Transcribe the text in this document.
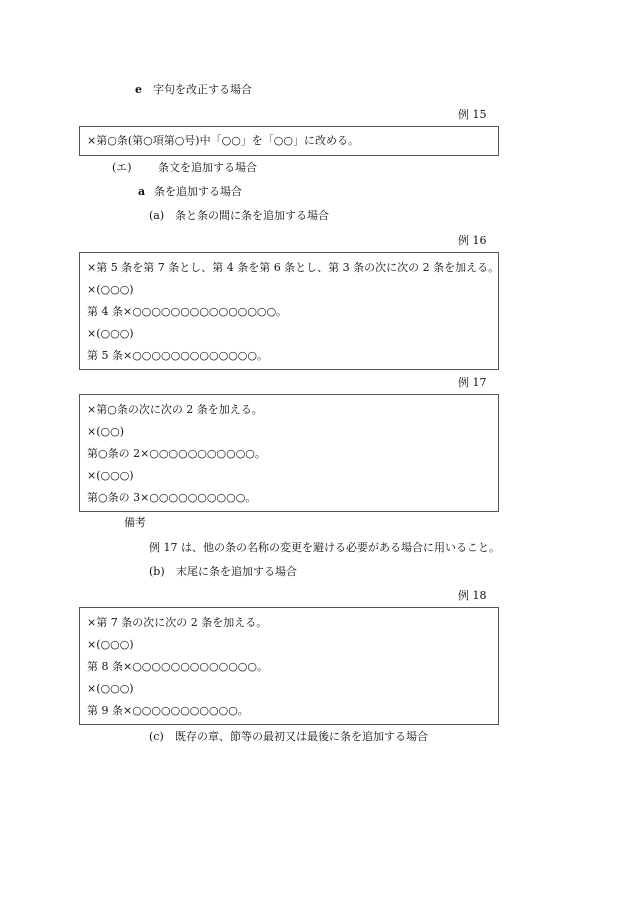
e 字句を改正する場合
例 15
×第○条(第○項第○号)中「○○」を「○○」に改める。
(エ) 条文を追加する場合
a 条を追加する場合
(a) 条と条の間に条を追加する場合
例 16
×第 5 条を第 7 条とし、第 4 条を第 6 条とし、第 3 条の次に次の 2 条を加える。
×(○○○)
第 4 条×○○○○○○○○○○○○○○○。
×(○○○)
第 5 条×○○○○○○○○○○○○○。
例 17
×第○条の次に次の 2 条を加える。
×(○○)
第○条の 2×○○○○○○○○○○○。
×(○○○)
第○条の 3×○○○○○○○○○○。
備考
例 17 は、他の条の名称の変更を避ける必要がある場合に用いること。
(b) 末尾に条を追加する場合
例 18
×第 7 条の次に次の 2 条を加える。
×(○○○)
第 8 条×○○○○○○○○○○○○○。
×(○○○)
第 9 条×○○○○○○○○○○○。
(c) 既存の章、節等の最初又は最後に条を追加する場合
